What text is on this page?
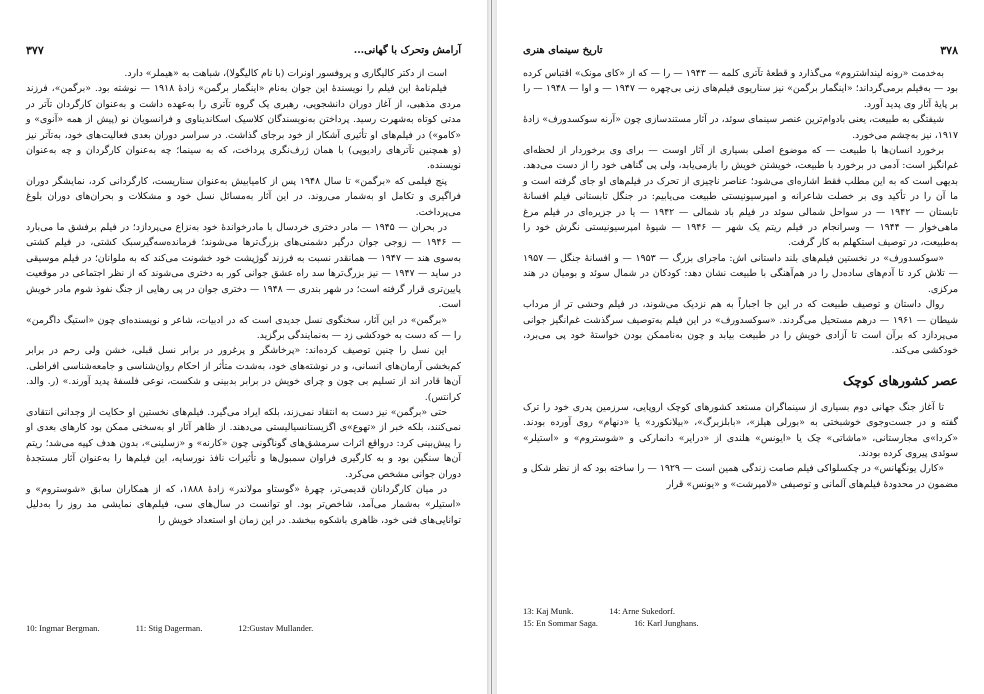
۳۷۷	آرامش وتحرک با گهانی...

است از دکتر کالیگاری و پروفسور اونرات (با نام کالیگولا)، شباهت به «هیملر» دارد.

فیلم‌نامهٔ این فیلم را نویسندهٔ این جوان به‌نام «اینگمار برگمن» زادهٔ ۱۹۱۸ — نوشته بود. «برگمن»، فرزند مردی مذهبی، از آغاز دوران دانشجویی، رهبری یک گروه تآتری را به‌عهده داشت و به‌عنوان کارگردان تآتر در مدتی کوتاه به‌شهرت رسید. پرداختن به‌نویسندگان کلاسیک اسکاندیناوی و فرانسویان نو (پیش از همه «آنوی» و «کامو») در فیلم‌های او تأثیری آشکار از خود برجای گذاشت. در سراسر دوران بعدی فعالیت‌های خود، به‌تآتر نیز (و همچنین تآترهای رادیویی) با همان ژرف‌نگری پرداخت، که به سینما؛ چه به‌عنوان کارگردان و چه به‌عنوان نویسنده.

پنج فیلمی که «برگمن» تا سال ۱۹۴۸ پس از کامیابیش به‌عنوان سناریست، کارگردانی کرد، نمایشگر دوران فراگیری و تکامل او به‌شمار می‌روند. در این آثار به‌مسائل نسل خود و مشکلات و بحران‌های دوران بلوغ می‌پرداخت.

در بحران — ۱۹۴۵ — مادر دختری خردسال با مادرخواندهٔ خود به‌نزاع می‌پردازد؛ در فیلم برفشق ما می‌بارد — ۱۹۴۶ — زوجی جوان درگیر دشمنی‌های بزرگ‌ترها می‌شوند؛ فرمانده‌سه‌گیرسبک کشتی، در فیلم کشتی به‌سوی هند — ۱۹۴۷ — همانقدر نسبت به فرزند گوژپشت خود خشونت می‌کند که به ملوانان؛ در فیلم موسیقی در ساید — ۱۹۴۷ — نیز بزرگ‌ترها سد راه عشق جوانی کور به دختری می‌شوند که از نظر اجتماعی در موقعیت پایین‌تری قرار گرفته است؛ در شهر بندری — ۱۹۴۸ — دختری جوان در پی رهایی از جنگ نفوذ شوم مادر خویش است.

«برگمن» در این آثار، سخنگوی نسل جدیدی است که در ادبیات، شاعر و نویسنده‌ای چون «استیگ داگرمن» را — که دست به خودکشی زد — به‌نمایندگی برگزید.

این نسل را چنین توصیف کرده‌اند: «پرخاشگر و پرغرور در برابر نسل قبلی، خشن ولی رحم در برابر کم‌بخشی آرمان‌های انسانی، و در نوشته‌های خود، به‌شدت متأثر از احکام روان‌شناسی و جامعه‌شناسی افراطی. آن‌ها قادر اند از تسلیم بی چون و چرای خویش در برابر بدبینی و شکست، نوعی فلسفهٔ پدید آورند.» (ر. والد. کرانتس).

حتی «برگمن» نیز دست به انتقاد نمی‌زند، بلکه ایراد می‌گیرد. فیلم‌های نخستین او حکایت از وجدانی انتقادی نمی‌کنند، بلکه خبر از «تهوع»ی اگزیستانسیالیستی می‌دهند. از ظاهر آثار او به‌سختی ممکن بود کارهای بعدی او را پیش‌بینی کرد: درواقع اثرات سرمشق‌های گوناگونی چون «کارنه» و «زسلینی»، بدون هدف کپیه می‌شد؛ ریتم آن‌ها سنگین بود و به کارگیری فراوان سمبول‌ها و تأثیرات نافذ نورسایه، این فیلم‌ها را به‌عنوان آثار مستجدهٔ دوران جوانی مشخص می‌کرد.

در میان کارگردانان قدیمی‌تر، چهرهٔ «گوستاو مولاندر» زادهٔ ۱۸۸۸، که از همکاران سابق «شوستروم» و «استیلر» به‌شمار می‌آمد، شاخص‌تر بود. او توانست در سال‌های سی، فیلم‌های نمایشی مد روز را به‌دلیل توانایی‌های فنی خود، ظاهری باشکوه ببخشد. در این زمان او استعداد خویش را

10: Ingmar Bergman.	11: Stig Dagerman.	12:Gustav Mullander.
تاریخ سینمای هنری	۳۷۸

به‌خدمت «رونه لینداشتروم» می‌گذارد و قطعهٔ تآتری کلمه — ۱۹۴۳ — را — که از «کای مونک» اقتباس کرده بود — به‌فیلم برمی‌گرداند؛ «اینگمار برگمن» نیز سناریوی فیلم‌های زنی بی‌چهره — ۱۹۴۷ — و اوا — ۱۹۴۸ — را بر پایهٔ آثار وی پدید آورد.

شیفتگی به طبیعت، یعنی بادوام‌ترین عنصر سینمای سوئد، در آثار مستندسازی چون «آرنه سوکسدورف» زادهٔ ۱۹۱۷، نیز به‌چشم می‌خورد.

برخورد انسان‌ها با طبیعت — که موضوع اصلی بسیاری از آثار اوست — برای وی برخوردار از لحظه‌ای غم‌انگیز است: آدمی در برخورد با طبیعت، خویشتن خویش را بازمی‌یابد، ولی پی گناهی خود را از دست می‌دهد. بدیهی است که به این مطلب فقط اشاره‌ای می‌شود؛ عناصر ناچیزی از تحرک در فیلم‌های او جای گرفته است و ما آن را در تأکید وی بر خصلت شاعرانه و امپرسیونیستی طبیعت می‌یابیم: در جنگل تابستانی فیلم افسانهٔ تابستان — ۱۹۴۲ — در سواحل شمالی سوئد در فیلم باد شمالی — ۱۹۴۲ — یا در جزیره‌ای در فیلم مرغ ماهی‌خوار — ۱۹۴۴ — وسرانجام در فیلم ریتم یک شهر — ۱۹۴۶ — شیوهٔ امپرسیونیستی نگرش خود را به‌طبیعت، در توصیف استکهلم به کار گرفت.

«سوکسدورف» در نخستین فیلم‌های بلند داستانی اش: ماجرای بزرگ — ۱۹۵۳ — و افسانهٔ جنگل — ۱۹۵۷ — تلاش کرد تا آدم‌های ساده‌دل را در هم‌آهنگی با طبیعت نشان دهد: کودکان در شمال سوئد و بومیان در هند مرکزی.

روال داستان و توصیف طبیعت که در این جا اجباراً به هم نزدیک می‌شوند، در فیلم وحشی تر از مرداب شیطان — ۱۹۶۱ — درهم مستحیل می‌گردند. «سوکسدورف» در این فیلم به‌توصیف سرگذشت غم‌انگیز جوانی می‌پردازد که برآن است تا آزادی خویش را در طبیعت بیابد و چون به‌ناممکن بودن خواستهٔ خود پی می‌برد، خودکشی می‌کند.

عصر کشورهای کوچک

تا آغاز جنگ جهانی دوم بسیاری از سینماگران مستعد کشورهای کوچک اروپایی، سرزمین پدری خود را ترک گفته و در جست‌وجوی خوشبختی به «بورلی هیلز»، «بابلزبرگ»، «بیلانکورد» یا «دنهام» روی آورده بودند. «کردا»ی مجارستانی، «ماشاتی» چک یا «ایونس» هلندی از «درایر» دانمارکی و «شوستروم» و «استیلر» سوئدی پیروی کرده بودند.

«کارل یونگهانس» در چکسلواکی فیلم صامت زندگی همین است — ۱۹۲۹ — را ساخته بود که از نظر شکل و مضمون در محدودهٔ فیلم‌های آلمانی و توصیفی «لامپرشت» و «یونس» قرار

13: Kaj Munk.	14: Arne Sukedorf.
15: En Sommar Saga.	16: Karl Junghans.
